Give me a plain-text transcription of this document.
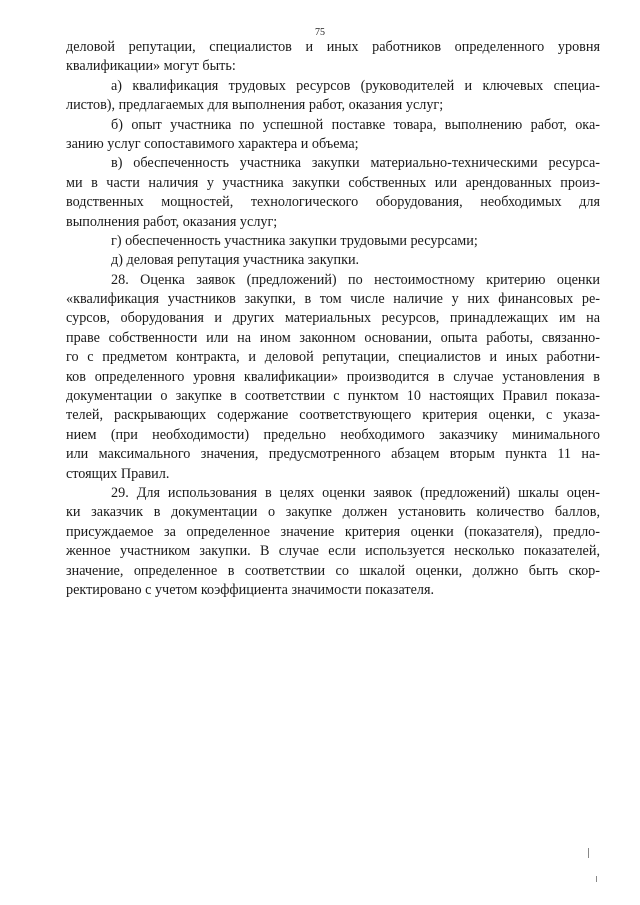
75

деловой репутации, специалистов и иных работников определенного уровня
квалификации» могут быть:

а) квалификация трудовых ресурсов (руководителей и ключевых специа-
листов), предлагаемых для выполнения работ, оказания услуг;

б) опыт участника по успешной поставке товара, выполнению работ, ока-
занию услуг сопоставимого характера и объема;

в) обеспеченность участника закупки материально-техническими ресурса-
ми в части наличия у участника закупки собственных или арендованных произ-
водственных мощностей, технологического оборудования, необходимых для
выполнения работ, оказания услуг;

г) обеспеченность участника закупки трудовыми ресурсами;

д) деловая репутация участника закупки.

28. Оценка заявок (предложений) по нестоимостному критерию оценки
«квалификация участников закупки, в том числе наличие у них финансовых ре-
сурсов, оборудования и других материальных ресурсов, принадлежащих им на
праве собственности или на ином законном основании, опыта работы, связанно-
го с предметом контракта, и деловой репутации, специалистов и иных работни-
ков определенного уровня квалификации» производится в случае установления в
документации о закупке в соответствии с пунктом 10 настоящих Правил показа-
телей, раскрывающих содержание соответствующего критерия оценки, с указа-
нием (при необходимости) предельно необходимого заказчику минимального
или максимального значения, предусмотренного абзацем вторым пункта 11 на-
стоящих Правил.

29. Для использования в целях оценки заявок (предложений) шкалы оцен-
ки заказчик в документации о закупке должен установить количество баллов,
присуждаемое за определенное значение критерия оценки (показателя), предло-
женное участником закупки. В случае если используется несколько показателей,
значение, определенное в соответствии со шкалой оценки, должно быть скор-
ректировано с учетом коэффициента значимости показателя.
